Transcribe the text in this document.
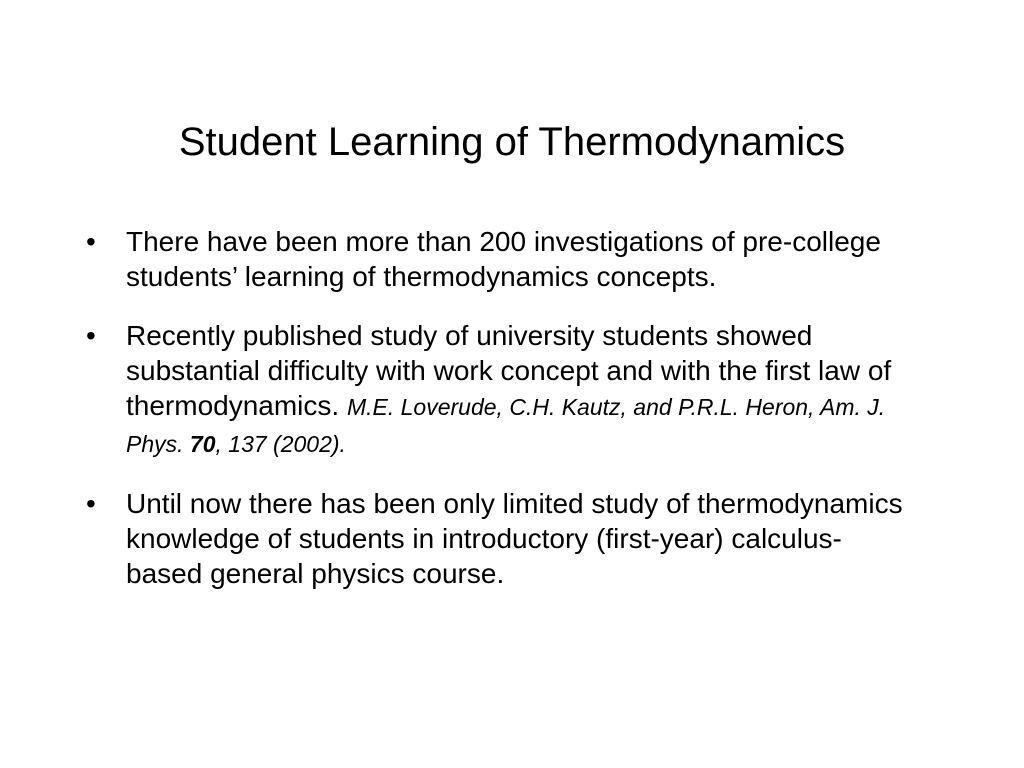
Student Learning of Thermodynamics
• There have been more than 200 investigations of pre-college students’ learning of thermodynamics concepts.
• Recently published study of university students showed substantial difficulty with work concept and with the first law of thermodynamics. M.E. Loverude, C.H. Kautz, and P.R.L. Heron, Am. J. Phys. 70, 137 (2002).
• Until now there has been only limited study of thermodynamics knowledge of students in introductory (first-year) calculus-based general physics course.
